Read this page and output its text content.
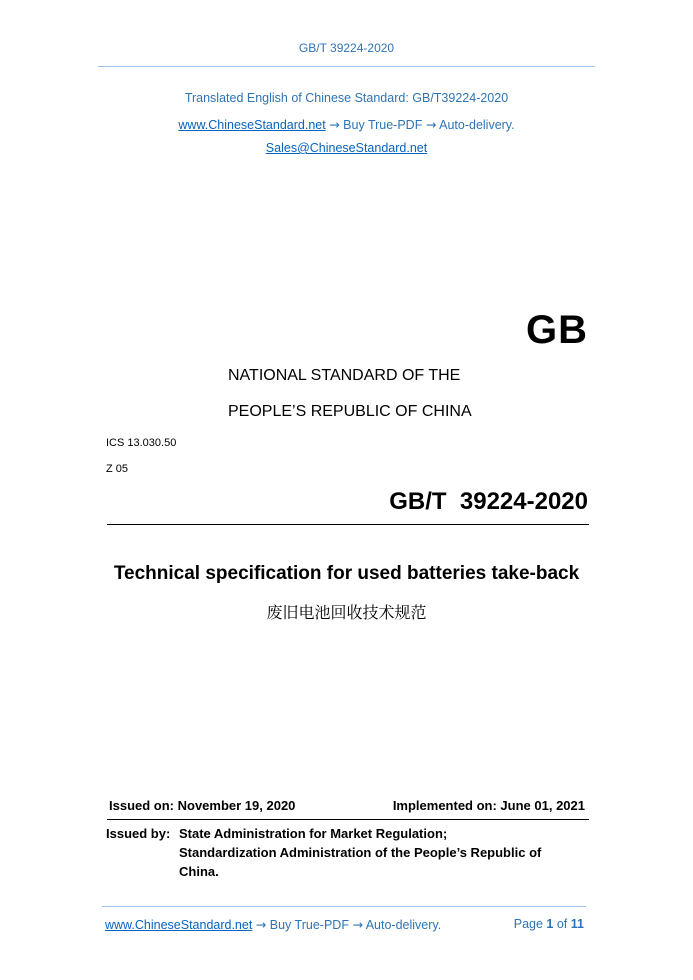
GB/T 39224-2020
Translated English of Chinese Standard: GB/T39224-2020
www.ChineseStandard.net → Buy True-PDF → Auto-delivery.
Sales@ChineseStandard.net
GB
NATIONAL STANDARD OF THE
PEOPLE’S REPUBLIC OF CHINA
ICS 13.030.50
Z 05
GB/T  39224-2020
Technical specification for used batteries take-back
废旧电池回收技术规范
Issued on: November 19, 2020	Implemented on: June 01, 2021
Issued by: State Administration for Market Regulation;
Standardization Administration of the People’s Republic of
China.
www.ChineseStandard.net → Buy True-PDF → Auto-delivery.	Page 1 of 11
